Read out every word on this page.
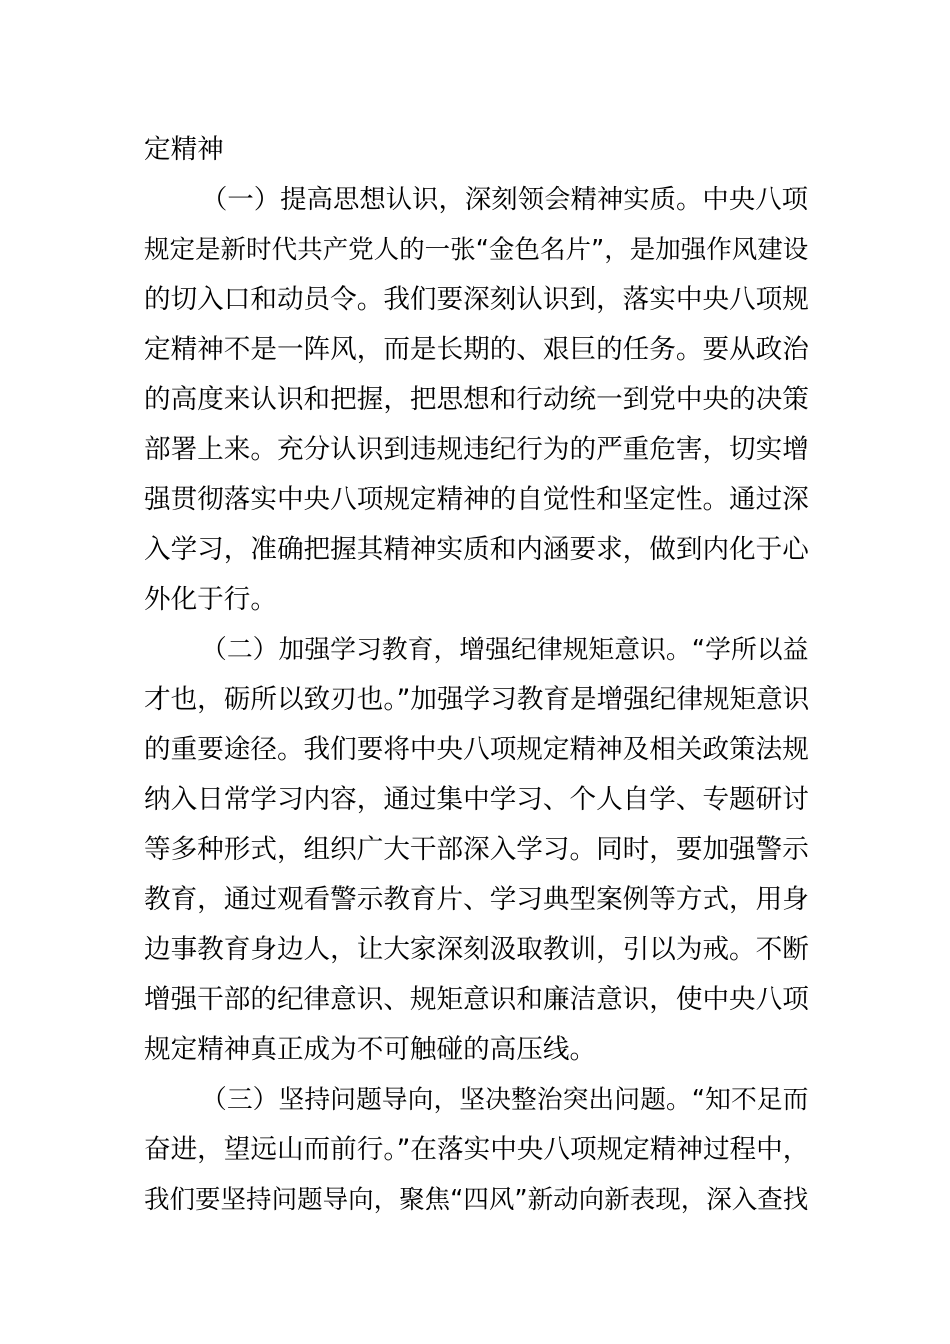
定精神
（一）提高思想认识，深刻领会精神实质。中央八项
规定是新时代共产党人的一张“金色名片”，是加强作风建设
的切入口和动员令。我们要深刻认识到，落实中央八项规
定精神不是一阵风，而是长期的、艰巨的任务。要从政治
的高度来认识和把握，把思想和行动统一到党中央的决策
部署上来。充分认识到违规违纪行为的严重危害，切实增
强贯彻落实中央八项规定精神的自觉性和坚定性。通过深
入学习，准确把握其精神实质和内涵要求，做到内化于心
外化于行。
（二）加强学习教育，增强纪律规矩意识。“学所以益
才也，砺所以致刃也。”加强学习教育是增强纪律规矩意识
的重要途径。我们要将中央八项规定精神及相关政策法规
纳入日常学习内容，通过集中学习、个人自学、专题研讨
等多种形式，组织广大干部深入学习。同时，要加强警示
教育，通过观看警示教育片、学习典型案例等方式，用身
边事教育身边人，让大家深刻汲取教训，引以为戒。不断
增强干部的纪律意识、规矩意识和廉洁意识，使中央八项
规定精神真正成为不可触碰的高压线。
（三）坚持问题导向，坚决整治突出问题。“知不足而
奋进，望远山而前行。”在落实中央八项规定精神过程中，
我们要坚持问题导向，聚焦“四风”新动向新表现，深入查找
